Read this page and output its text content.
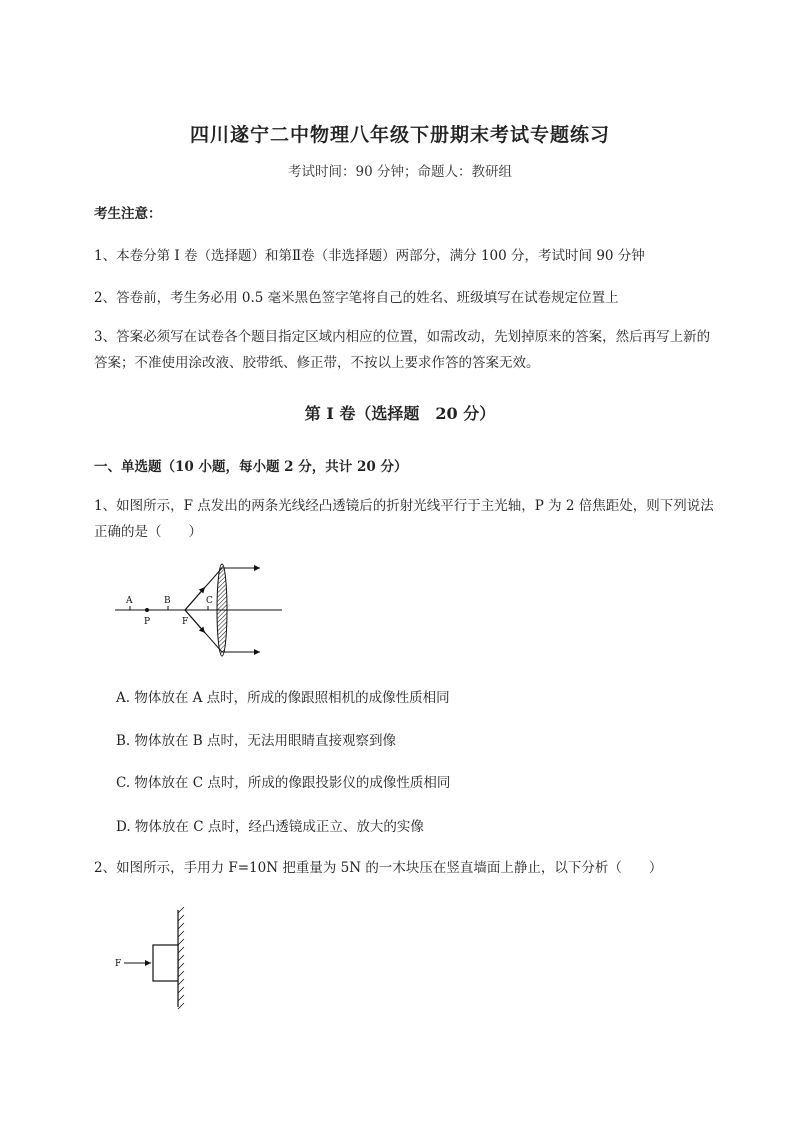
四川遂宁二中物理八年级下册期末考试专题练习
考试时间：90 分钟；命题人：教研组
考生注意：
1、本卷分第 I 卷（选择题）和第Ⅱ卷（非选择题）两部分，满分 100 分，考试时间 90 分钟
2、答卷前，考生务必用 0.5 毫米黑色签字笔将自己的姓名、班级填写在试卷规定位置上
3、答案必须写在试卷各个题目指定区域内相应的位置，如需改动，先划掉原来的答案，然后再写上新的答案；不准使用涂改液、胶带纸、修正带，不按以上要求作答的答案无效。
第 I 卷（选择题　20 分）
一、单选题（10 小题，每小题 2 分，共计 20 分）
1、如图所示，F 点发出的两条光线经凸透镜后的折射光线平行于主光轴，P 为 2 倍焦距处，则下列说法正确的是（　　）
A	B	C
P	F
A. 物体放在 A 点时，所成的像跟照相机的成像性质相同
B. 物体放在 B 点时，无法用眼睛直接观察到像
C. 物体放在 C 点时，所成的像跟投影仪的成像性质相同
D. 物体放在 C 点时，经凸透镜成正立、放大的实像
2、如图所示，手用力 F=10N 把重量为 5N 的一木块压在竖直墙面上静止，以下分析（　　）
F
